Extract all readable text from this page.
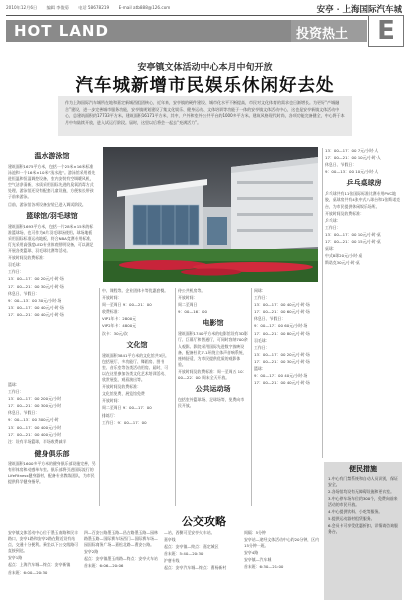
2010年12月6日 编辑 李俊菊 电话 58678219 E-mail atb888@126.com	安亭 · 上海国际汽车城
HOT LAND	投资热土	E
安亭镇文体活动中心本月中旬开放
汽车城新增市民娱乐休闲好去处
作为上海国际汽车城所在地和嘉定新城西组团核心，近年来，安亭镇的硬件建设、城市化水平不断提高，市民对文化体育的需求也日渐增长。为更好“产城融合”建设，进一步完善城市服务功能，安亭镇规划建设了集文化娱乐、健身运动、文体培训等功能于一体的安亭镇文体活动中心，这也是安亭新镇文体活动中心，总建筑面积约17733平方米。建筑面积16171平方米，其中，户外和室外公共平台约1000多平方米。建筑风格现代时尚，各项功能完备健全，中心将于本月中旬陆续开放，进入试运行阶段。届时，这里以后将会一起去“充满活力”。
温水游泳馆

建筑面积1675平方米，包括一个25米×16米标准泳池和一个16米×10米“浅水池”。游泳馆采用着先进恒温和恒湿调控设备，室内安装有空调暖风机，空气洁净清新，水质采用国际先进的臭氧消毒方式处理，游泳馆还设有配套儿童设施，方便家长带孩子前来游泳。

目前，游泳馆各项设备安装已进入调试阶段。

篮球馆/羽毛球馆

建筑面积1693平方米，包括一片28米×15米的标准篮球场，也可作为6片羽毛球场使用。球场地板采用国际标准运动地板，符合NBA竞赛专用标准，灯光采用高强度LED专业体育照明设备，可以满足开展各类篮球、羽毛球比赛等活动。

开放时间及收费标准：

羽毛球：

工作日：

13：00—17：00 20元/小时·场

17：00—21：00 30元/小时·场

休息日、节假日：

9：00—13：00 30元/小时·场

13：00—17：00 40元/小时·场

17：00—21：00 40元/小时·场

篮球：

工作日：

13：00—17：00 200元/小时

17：00—21：00 300元/小时

休息日、节假日：

9：00—13：00 300元/小时

13：00—17：00 400元/小时

17：00—21：00 400元/小时

注：设有半场篮球，半场收费减半

健身俱乐部

建筑面积1600多平方米的健身俱乐部设施完善，另有形体房和动感单车室。俱乐部将引进国际流行的LifeFitness健身器材，配备专业教练团队，为市民提供科学健身指导。

中、课程等。企业团体卡等优惠套餐。

开放时间：

周一至周日 9：00—21：00

收费标准：

VIP1年卡：2800元

VIP2年卡：4800元

次卡：30元/次

文化馆

建筑面积3841平方米的文化馆共3层。包括展厅、多功能厅、舞蹈房、图书室、音乐室等各类活动用房。届时，可以在这里参加各类文化艺术培训活动、欣赏展览、观看演出等。

开放时间及收费标准：

文化馆免费，展览馆免费

开放时间：

周二至周日 9：00—17：00

排练厅：

工作日：9：00—17：00

待公共机房等。

开放时间：

周二至周日

9：00—16：00

电影馆

建筑面积1740平方米的电影馆设有3D影厅、巨幕厅和普通厅，可同时容纳700余人观影。影院采用国际先进数字放映设备，配备杜比7.1环绕立体声音响系统，座椅舒适，为市民提供优质的观影体验。

开放时间及收费标准：周一至周五 10：00—22：00 周末全天开放。

公共运动场

包括室外篮球场、足球场等，免费向市民开放。

网球：

工作日：

13：00—17：00 40元/小时·场

17：00—21：00 60元/小时·场

休息日、节假日：

9：00—17：00 60元/小时·场

17：00—21：00 80元/小时·场

羽毛球：

工作日：

13：00—17：00 20元/小时·场

17：00—21：00 30元/小时·场

篮球：

9：00—17：00 40元/小时·场

17：00—21：00 40元/小时·场

13：00—17：00 7元/小时·人

17：00—21：00 10元/小时·人

休息日、节假日：

9：00—13：00 10元/小时·人

乒乓桌球房

乒乓球共有11张国际标准比赛专用PVC地胶，桌球房共有4张中式八球台和1张斯诺克台，为市民提供休闲娱乐场所。

开放时间及收费标准：

乒乓球：

工作日：

13：00—17：00 10元/小时·桌

17：00—21：00 15元/小时·桌

桌球：

中式8球20元/小时·桌

斯诺克30元/小时·桌

公交攻略

安亭镇文体活动中心位于墨玉南路和民丰路口，安亭1路和安亭2路在附近设有站点，交通十分便利。乘坐以下公交线路可直接到达。

安亭1路

起点：上海汽车城—终点：安亭新镇

首末班：6:00—20:30

四—百安公路墨玉路—昌吉路墨玉路—园林路墨玉路—国际赛车场西门—国际赛车场—园国际商务广场—嘉松北路—曹安公路。

安亭2路

起点：安亭镇墨玉南路—终点：安亭火车站

首末班：6:06—20:06

—站，西侧可至安亭火车站。

嘉亭线

起点：安亭镇—终点：嘉定城区

首末班：5:40—20:30

沪唐专线

起点：安亭汽车城—终点：曹杨新村

间隔：5分钟

安亭站—途经文体活动中心约20分钟，区内15分钟一班。

安亭4路

安亭镇—汽车城

首末班：6:30—21:00

便民措施

1.中心有门禁系统和自动人员识别，保证安全。

2.各场馆均设有无障碍设施和更衣室。

3.中心停车场车位约300个，免费向前来活动的市民开放。

4.中心提供饮料、小吃等服务。

5.提供运动器材租赁服务。

6.会员卡可享受优惠折扣，详情请咨询服务台。
